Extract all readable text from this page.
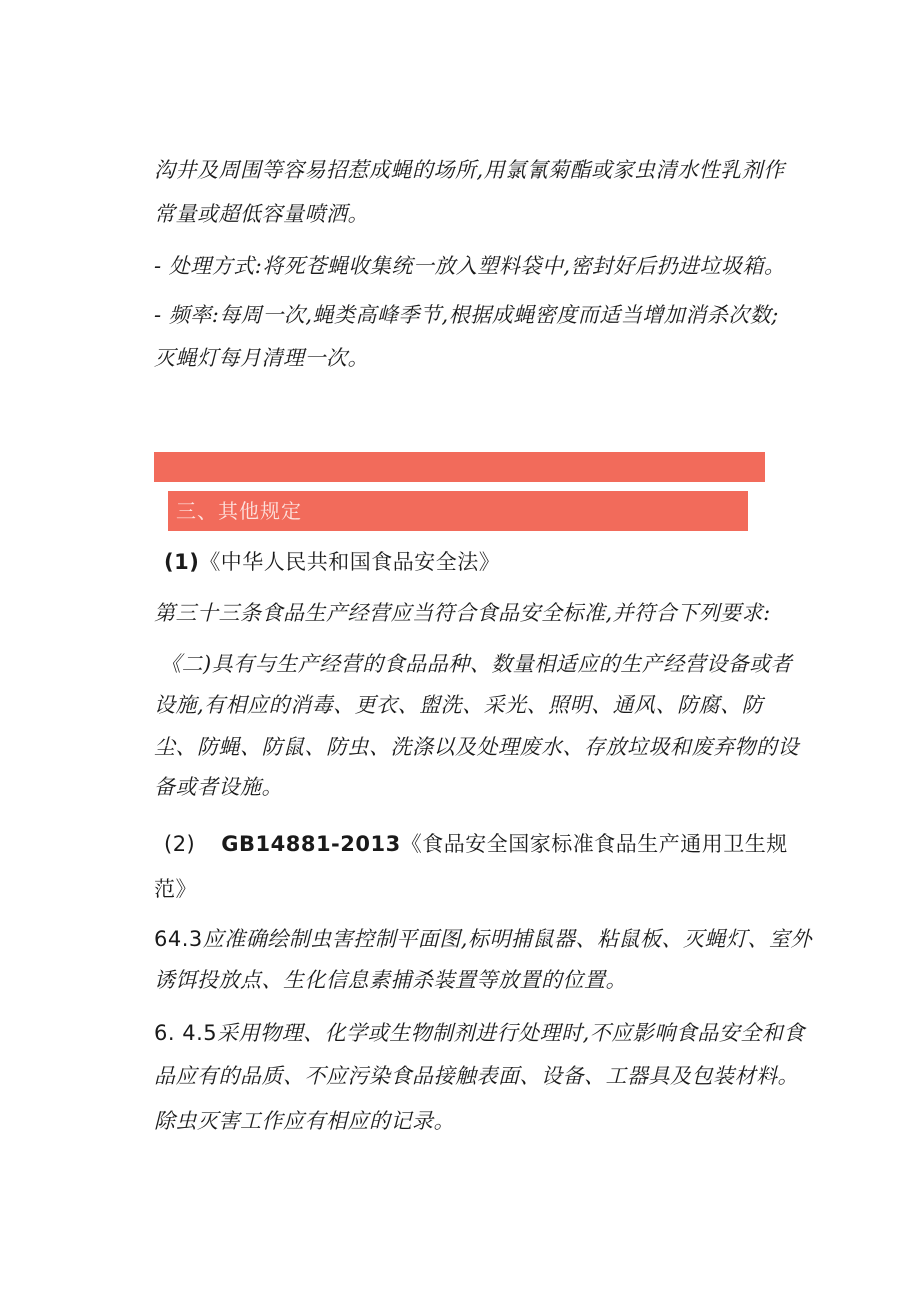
沟井及周围等容易招惹成蝇的场所,用氯氰菊酯或家虫清水性乳剂作
常量或超低容量喷洒。
- 处理方式:将死苍蝇收集统一放入塑料袋中,密封好后扔进垃圾箱。
- 频率:每周一次,蝇类高峰季节,根据成蝇密度而适当增加消杀次数;
灭蝇灯每月清理一次。
三、其他规定
(1)《中华人民共和国食品安全法》
第三十三条食品生产经营应当符合食品安全标准,并符合下列要求:
《二)具有与生产经营的食品品种、数量相适应的生产经营设备或者
设施,有相应的消毒、更衣、盥洗、采光、照明、通风、防腐、防
尘、防蝇、防鼠、防虫、洗涤以及处理废水、存放垃圾和废弃物的设
备或者设施。
(2) GB14881-2013《食品安全国家标准食品生产通用卫生规
范》
64.3应准确绘制虫害控制平面图,标明捕鼠器、粘鼠板、灭蝇灯、室外
诱饵投放点、生化信息素捕杀装置等放置的位置。
6. 4.5采用物理、化学或生物制剂进行处理时,不应影响食品安全和食
品应有的品质、不应污染食品接触表面、设备、工器具及包装材料。
除虫灭害工作应有相应的记录。
